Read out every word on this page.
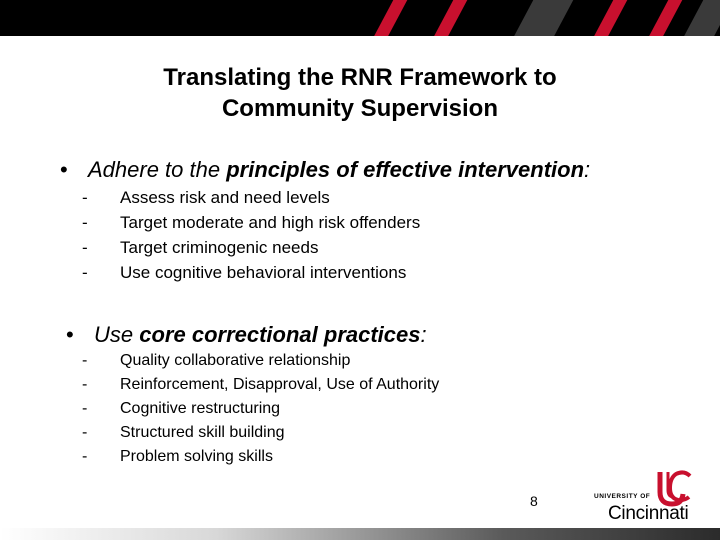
Translating the RNR Framework to
Community Supervision
• Adhere to the principles of effective intervention:
-	Assess risk and need levels
-	Target moderate and high risk offenders
-	Target criminogenic needs
-	Use cognitive behavioral interventions
• Use core correctional practices:
-	Quality collaborative relationship
-	Reinforcement, Disapproval, Use of Authority
-	Cognitive restructuring
-	Structured skill building
-	Problem solving skills
8	UNIVERSITY OF
Cincinnati
